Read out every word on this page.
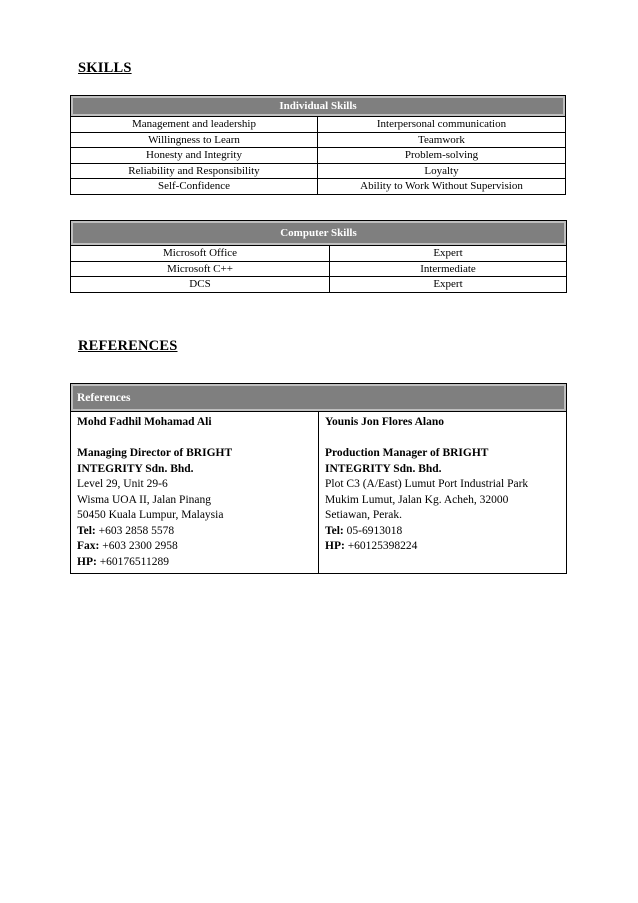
SKILLS
Individual Skills	
Management and leadership	Interpersonal communication
Willingness to Learn	Teamwork
Honesty and Integrity	Problem-solving
Reliability and Responsibility	Loyalty
Self-Confidence	Ability to Work Without Supervision
Computer Skills	
Microsoft Office	Expert
Microsoft C++	Intermediate
DCS	Expert
REFERENCES
References

Mohd Fadhil Mohamad Ali
Managing Director of BRIGHT
INTEGRITY Sdn. Bhd.
Level 29, Unit 29-6
Wisma UOA II, Jalan Pinang
50450 Kuala Lumpur, Malaysia
Tel: +603 2858 5578
Fax: +603 2300 2958
HP: +60176511289

Younis Jon Flores Alano
Production Manager of BRIGHT
INTEGRITY Sdn. Bhd.
Plot C3 (A/East) Lumut Port Industrial Park
Mukim Lumut, Jalan Kg. Acheh, 32000
Setiawan, Perak.
Tel: 05-6913018
HP: +60125398224
